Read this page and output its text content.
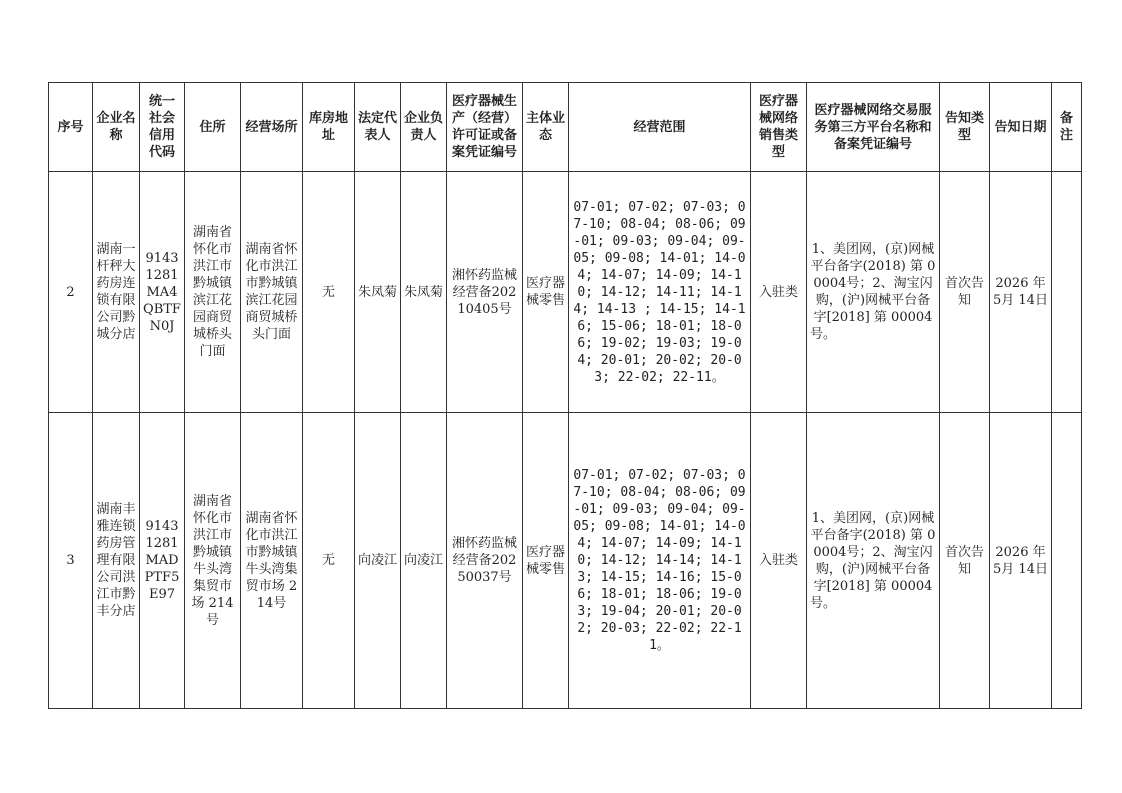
序号	企业名称	统一社会信用代码	住所	经营场所	库房地址	法定代表人	企业负责人	医疗器械生产（经营）许可证或备案凭证编号	主体业态	经营范围	医疗器械网络销售类型	医疗器械网络交易服务第三方平台名称和备案凭证编号	告知类型	告知日期	备注
2	湖南一杆秤大药房连锁有限公司黔城分店	91431281MA4QBTFN0J	湖南省怀化市洪江市黔城镇滨江花园商贸城桥头门面	湖南省怀化市洪江市黔城镇滨江花园商贸城桥头门面	无	朱凤菊	朱凤菊	湘怀药监械经营备20210405号	医疗器械零售	07-01; 07-02; 07-03; 07-10; 08-04; 08-06; 09-01; 09-03; 09-04; 09-05; 09-08; 14-01; 14-04; 14-07; 14-09; 14-10; 14-12; 14-11; 14-14; 14-13 ; 14-15; 14-16; 15-06; 18-01; 18-06; 19-02; 19-03; 19-04; 20-01; 20-02; 20-03; 22-02; 22-11。	入驻类	1、美团网，(京)网械平台备字(2018) 第 00004号；2、淘宝闪购，(沪)网械平台备字[2018] 第 00004号。	首次告知	2026 年 5月 14日	
3	湖南丰雅连锁药房管理有限公司洪江市黔丰分店	91431281MADPTF5E97	湖南省怀化市洪江市黔城镇牛头湾集贸市场 214号	湖南省怀化市洪江市黔城镇牛头湾集贸市场 214号	无	向凌江	向凌江	湘怀药监械经营备20250037号	医疗器械零售	07-01; 07-02; 07-03; 07-10; 08-04; 08-06; 09-01; 09-03; 09-04; 09-05; 09-08; 14-01; 14-04; 14-07; 14-09; 14-10; 14-12; 14-14; 14-13; 14-15; 14-16; 15-06; 18-01; 18-06; 19-03; 19-04; 20-01; 20-02; 20-03; 22-02; 22-11。	入驻类	1、美团网，(京)网械平台备字(2018) 第 00004号；2、淘宝闪购，(沪)网械平台备字[2018] 第 00004号。	首次告知	2026 年 5月 14日	
